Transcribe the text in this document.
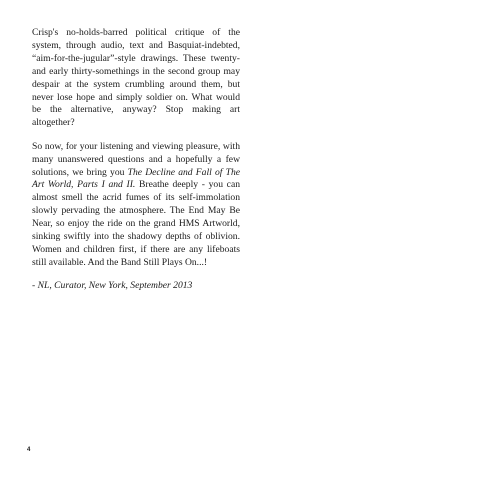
Crisp's no-holds-barred political critique of the system, through audio, text and Basquiat-indebted, “aim-for-the-jugular”-style drawings. These twenty- and early thirty-somethings in the second group may despair at the system crumbling around them, but never lose hope and simply soldier on. What would be the alternative, anyway? Stop making art altogether?

So now, for your listening and viewing pleasure, with many unanswered questions and a hopefully a few solutions, we bring you The Decline and Fall of The Art World, Parts I and II. Breathe deeply - you can almost smell the acrid fumes of its self-immolation slowly pervading the atmosphere. The End May Be Near, so enjoy the ride on the grand HMS Artworld, sinking swiftly into the shadowy depths of oblivion. Women and children first, if there are any lifeboats still available. And the Band Still Plays On...!

- NL, Curator, New York, September 2013

4
